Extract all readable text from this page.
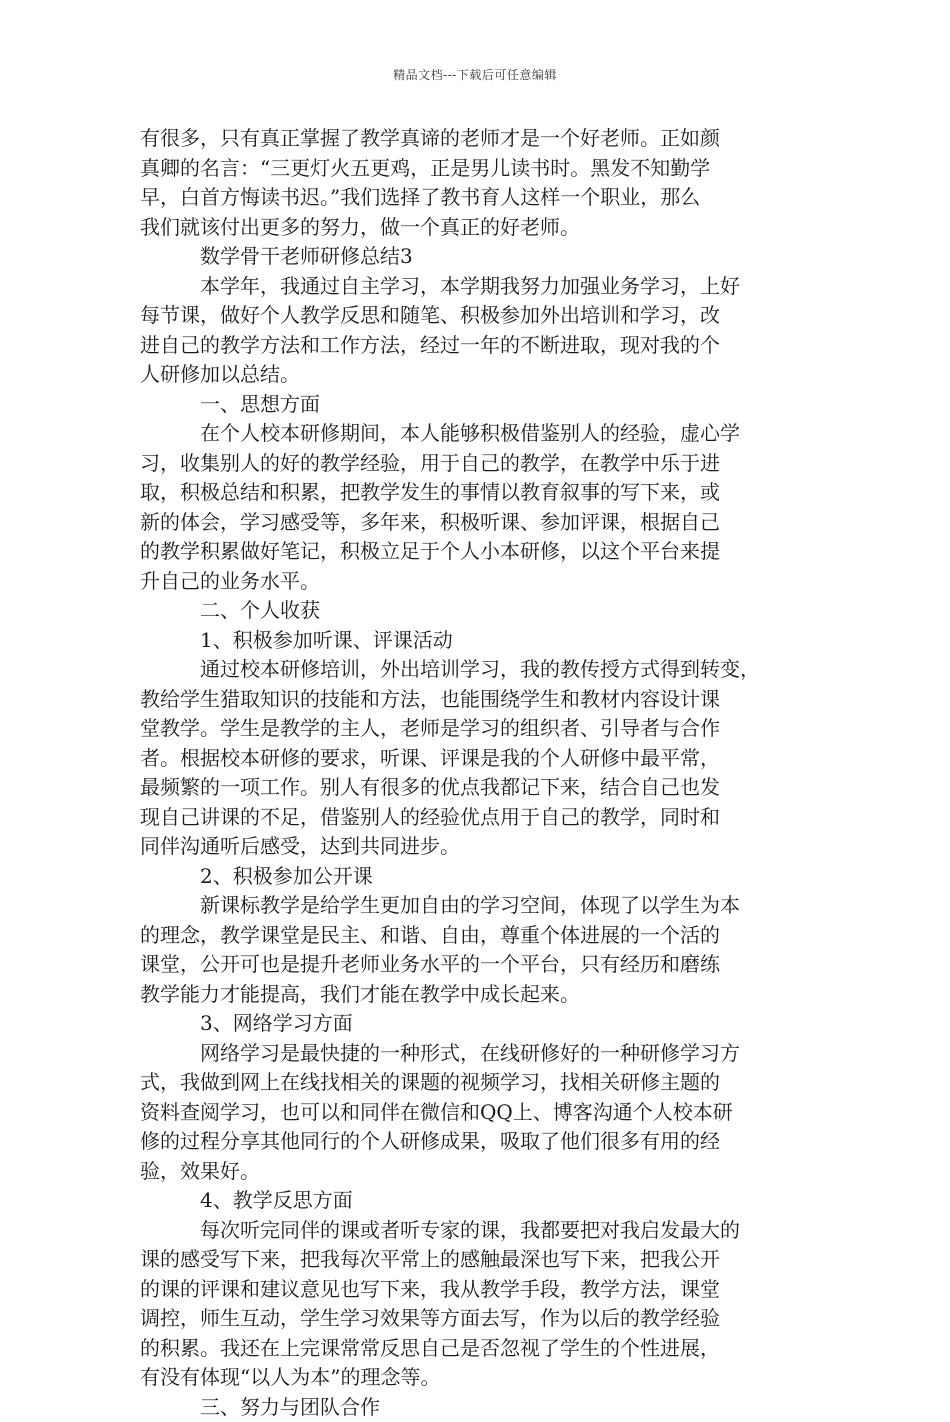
精品文档---下载后可任意编辑
有很多，只有真正掌握了教学真谛的老师才是一个好老师。正如颜
真卿的名言：“三更灯火五更鸡，正是男儿读书时。黑发不知勤学
早，白首方悔读书迟。”我们选择了教书育人这样一个职业，那么
我们就该付出更多的努力，做一个真正的好老师。
数学骨干老师研修总结3
本学年，我通过自主学习，本学期我努力加强业务学习，上好
每节课，做好个人教学反思和随笔、积极参加外出培训和学习，改
进自己的教学方法和工作方法，经过一年的不断进取，现对我的个
人研修加以总结。
一、思想方面
在个人校本研修期间，本人能够积极借鉴别人的经验，虚心学
习，收集别人的好的教学经验，用于自己的教学，在教学中乐于进
取，积极总结和积累，把教学发生的事情以教育叙事的写下来，或
新的体会，学习感受等，多年来，积极听课、参加评课，根据自己
的教学积累做好笔记，积极立足于个人小本研修，以这个平台来提
升自己的业务水平。
二、个人收获
1、积极参加听课、评课活动
通过校本研修培训，外出培训学习，我的教传授方式得到转变，
教给学生猎取知识的技能和方法，也能围绕学生和教材内容设计课
堂教学。学生是教学的主人，老师是学习的组织者、引导者与合作
者。根据校本研修的要求，听课、评课是我的个人研修中最平常，
最频繁的一项工作。别人有很多的优点我都记下来，结合自己也发
现自己讲课的不足，借鉴别人的经验优点用于自己的教学，同时和
同伴沟通听后感受，达到共同进步。
2、积极参加公开课
新课标教学是给学生更加自由的学习空间，体现了以学生为本
的理念，教学课堂是民主、和谐、自由，尊重个体进展的一个活的
课堂，公开可也是提升老师业务水平的一个平台，只有经历和磨练
教学能力才能提高，我们才能在教学中成长起来。
3、网络学习方面
网络学习是最快捷的一种形式，在线研修好的一种研修学习方
式，我做到网上在线找相关的课题的视频学习，找相关研修主题的
资料查阅学习，也可以和同伴在微信和QQ上、博客沟通个人校本研
修的过程分享其他同行的个人研修成果，吸取了他们很多有用的经
验，效果好。
4、教学反思方面
每次听完同伴的课或者听专家的课，我都要把对我启发最大的
课的感受写下来，把我每次平常上的感触最深也写下来，把我公开
的课的评课和建议意见也写下来，我从教学手段，教学方法，课堂
调控，师生互动，学生学习效果等方面去写，作为以后的教学经验
的积累。我还在上完课常常反思自己是否忽视了学生的个性进展，
有没有体现“以人为本”的理念等。
三、努力与团队合作
